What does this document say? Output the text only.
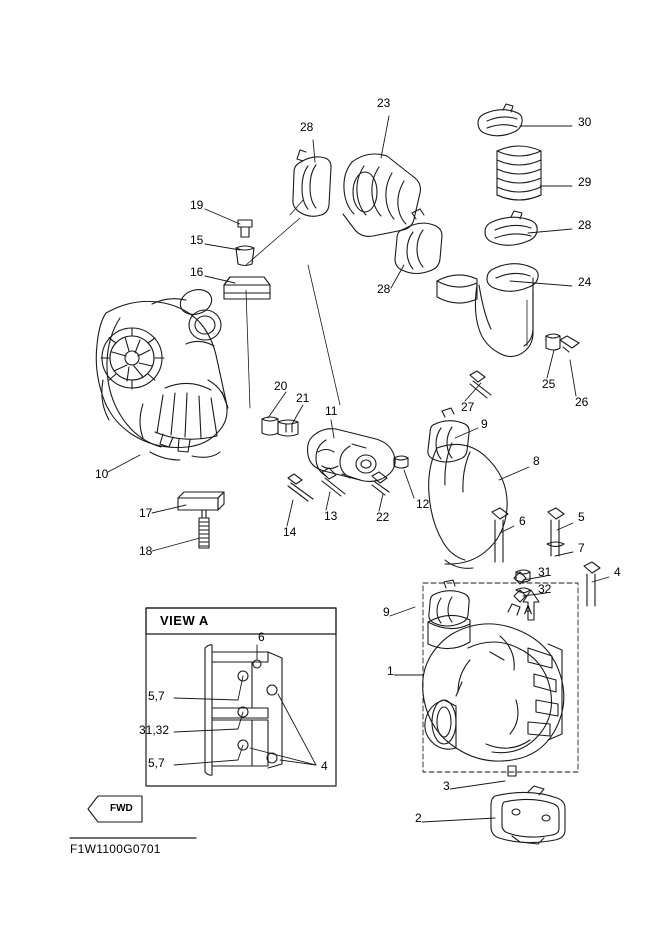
23
30
28
29
28
19
15
16
24
28
25
26
20
27
21
11
9
10
8
12
17
14
13	22	6	5
18	7
31	4
32
9
1
3
2
VIEW A
6
5,7
31,32
5,7	4
A
FWD
F1W1100G0701
